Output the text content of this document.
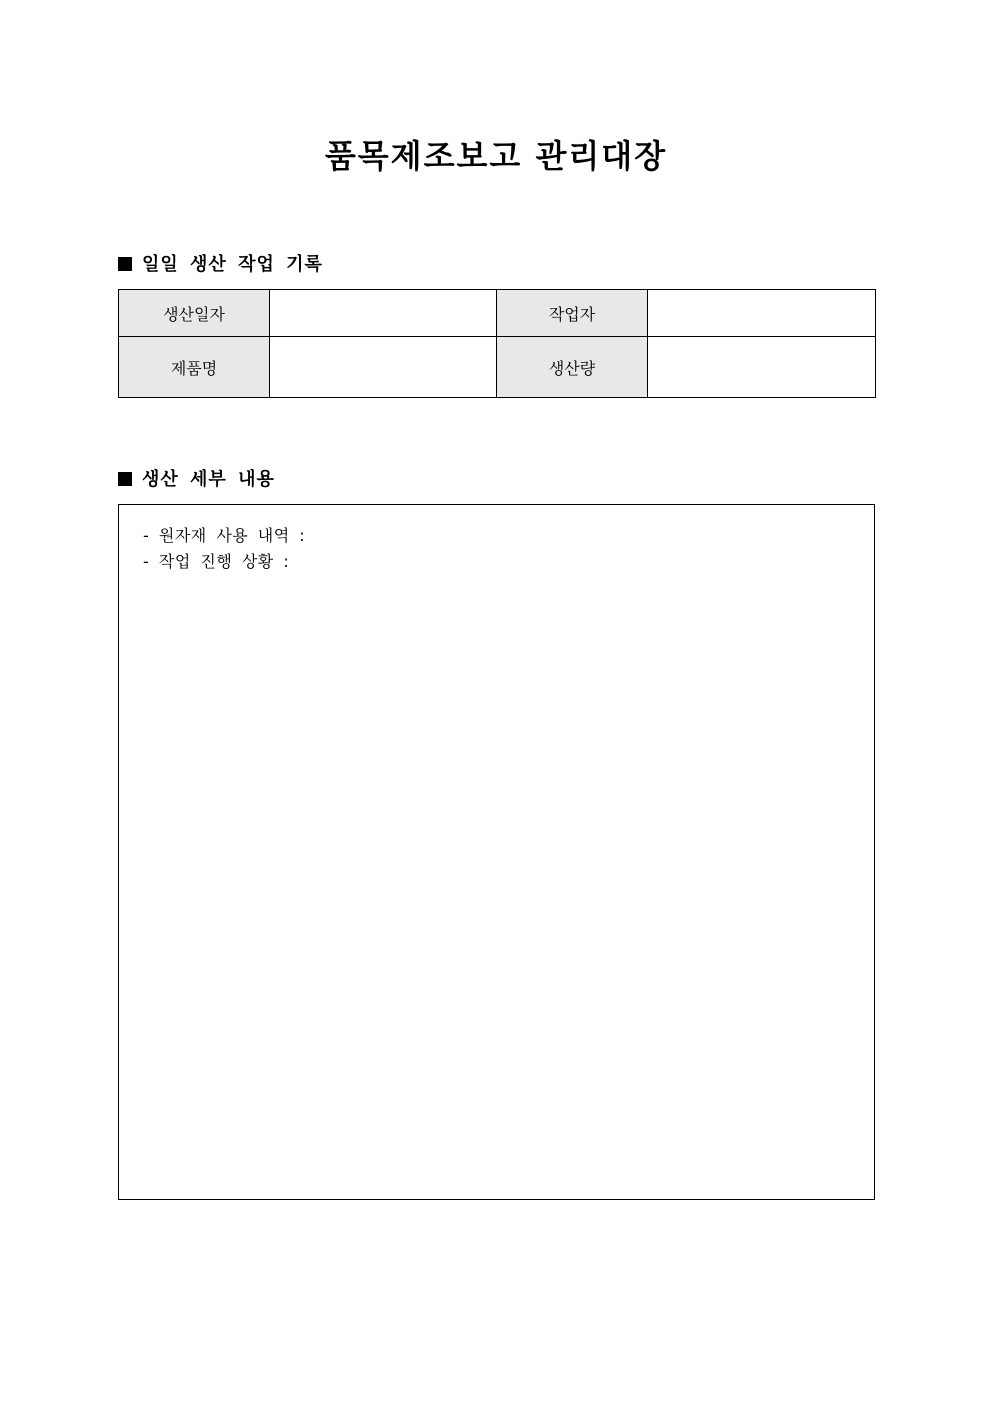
품목제조보고 관리대장
일일 생산 작업 기록
생산일자		작업자	
제품명		생산량	
생산 세부 내용
- 원자재 사용 내역 :
- 작업 진행 상황 :
